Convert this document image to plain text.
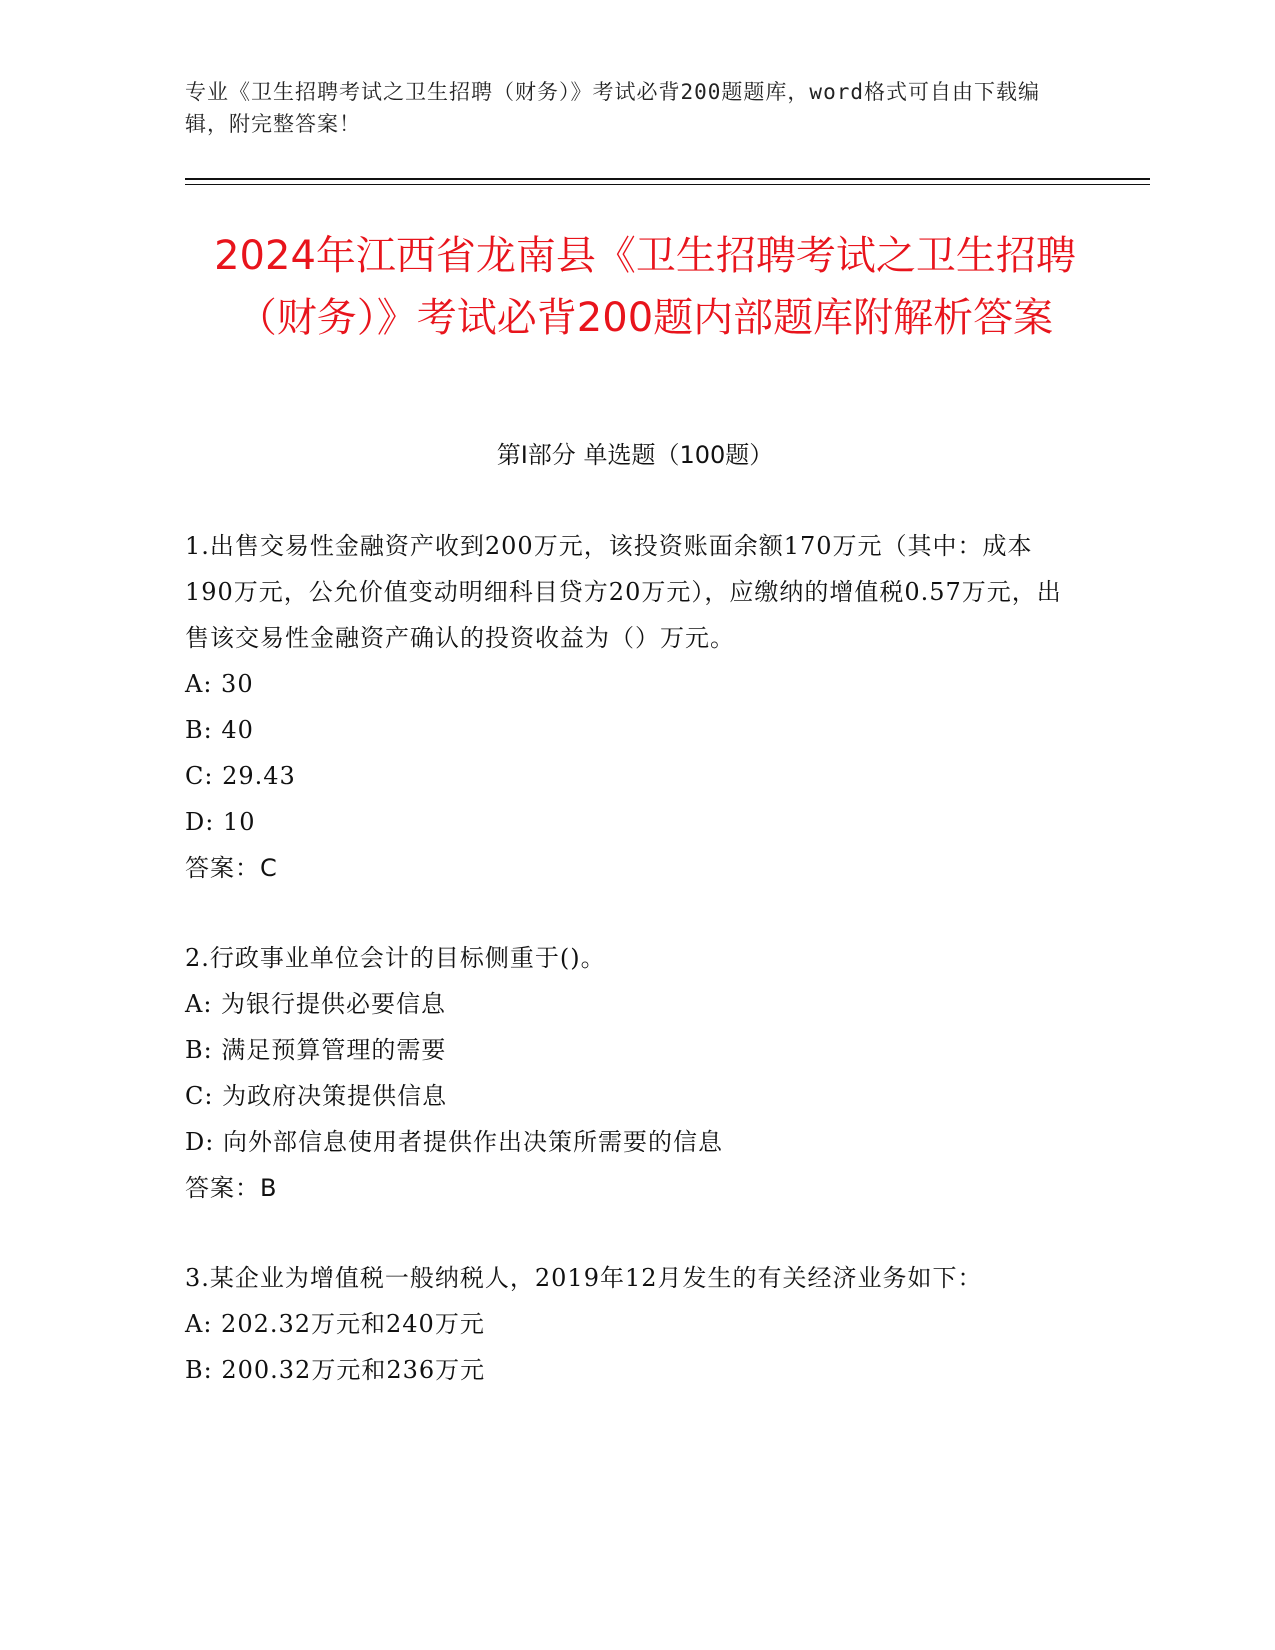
专业《卫生招聘考试之卫生招聘（财务）》考试必背200题题库，word格式可自由下载编辑，附完整答案！
2024年江西省龙南县《卫生招聘考试之卫生招聘（财务）》考试必背200题内部题库附解析答案
第I部分 单选题（100题）

1.出售交易性金融资产收到200万元，该投资账面余额170万元（其中：成本190万元，公允价值变动明细科目贷方20万元），应缴纳的增值税0.57万元，出售该交易性金融资产确认的投资收益为（）万元。

A: 30

B: 40

C: 29.43

D: 10

答案：C

2.行政事业单位会计的目标侧重于()。

A: 为银行提供必要信息

B: 满足预算管理的需要

C: 为政府决策提供信息

D: 向外部信息使用者提供作出决策所需要的信息

答案：B

3.某企业为增值税一般纳税人，2019年12月发生的有关经济业务如下：

A: 202.32万元和240万元

B: 200.32万元和236万元
